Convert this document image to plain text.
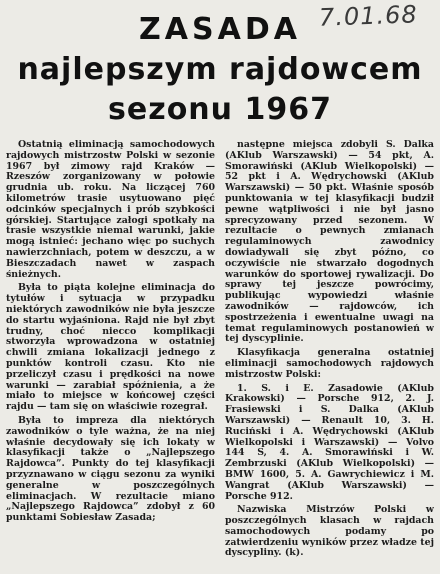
7.01.68
ZASADA
najlepszym rajdowcem
sezonu 1967

Ostatnią eliminacją samochodowych rajdowych mistrzostw Polski w sezonie 1967 był zimowy rajd Kraków — Rzeszów zorganizowany w połowie grudnia ub. roku. Na liczącej 760 kilometrów trasie usytuowano pięć odcinków specjalnych i prób szybkości górskiej. Startujące załogi spotkały na trasie wszystkie niemal warunki, jakie mogą istnieć: jechano więc po suchych nawierzchniach, potem w deszczu, a w Bieszczadach nawet w zaspach śnieżnych.

Była to piąta kolejne eliminacja do tytułów i sytuacja w przypadku niektórych zawodników nie była jeszcze do startu wyjaśniona. Rajd nie był zbyt trudny, choć niecco komplikacji stworzyła wprowadzona w ostatniej chwili zmiana lokalizacji jednego z punktów kontroli czasu. Kto nie przeliczył czasu i prędkości na nowe warunki — zarabiał spóźnienia, a że miało to miejsce w końcowej części rajdu — tam się on właściwie rozegrał.

Była to impreza dla niektórych zawodników o tyle ważna, że na niej właśnie decydowały się ich lokaty w klasyfikacji także o „Najlepszego Rajdowca”. Punkty do tej klasyfikacji przyznawano w ciągu sezonu za wyniki generalne w poszczególnych eliminacjach. W rezultacie miano „Najlepszego Rajdowca” zdobył z 60 punktami Sobiesław Zasada;

następne miejsca zdobyli S. Dalka (AKlub Warszawski) — 54 pkt, A. Smorawiński (AKlub Wielkopolski) — 52 pkt i A. Wędrychowski (AKlub Warszawski) — 50 pkt. Właśnie sposób punktowania w tej klasyfikacji budził pewne wątpliwości i nie był jasno sprecyzowany przed sezonem. W rezultacie o pewnych zmianach regulaminowych zawodnicy dowiadywali się zbyt późno, co oczywiście nie stwarzało dogodnych warunków do sportowej rywalizacji. Do sprawy tej jeszcze powrócimy, publikując wypowiedzi właśnie zawodników — rajdowców, ich spostrzeżenia i ewentualne uwagi na temat regulaminowych postanowień w tej dyscyplinie.

Klasyfikacja generalna ostatniej eliminacji samochodowych rajdowych mistrzostw Polski:

1. S. i E. Zasadowie (AKlub Krakowski) — Porsche 912, 2. J. Frasiewski i S. Dalka (AKlub Warszawski) — Renault 10, 3. H. Ruciński i A. Wędrychowski (AKlub Wielkopolski i Warszawski) — Volvo 144 S, 4. A. Smorawiński i W. Zembrzuski (AKlub Wielkopolski) — BMW 1600, 5. A. Gawrychiewicz i M. Wangrat (AKlub Warszawski) — Porsche 912.

Nazwiska Mistrzów Polski w poszczególnych klasach w rajdach samochodowych podamy po zatwierdzeniu wyników przez władze tej dyscypliny. (k).
